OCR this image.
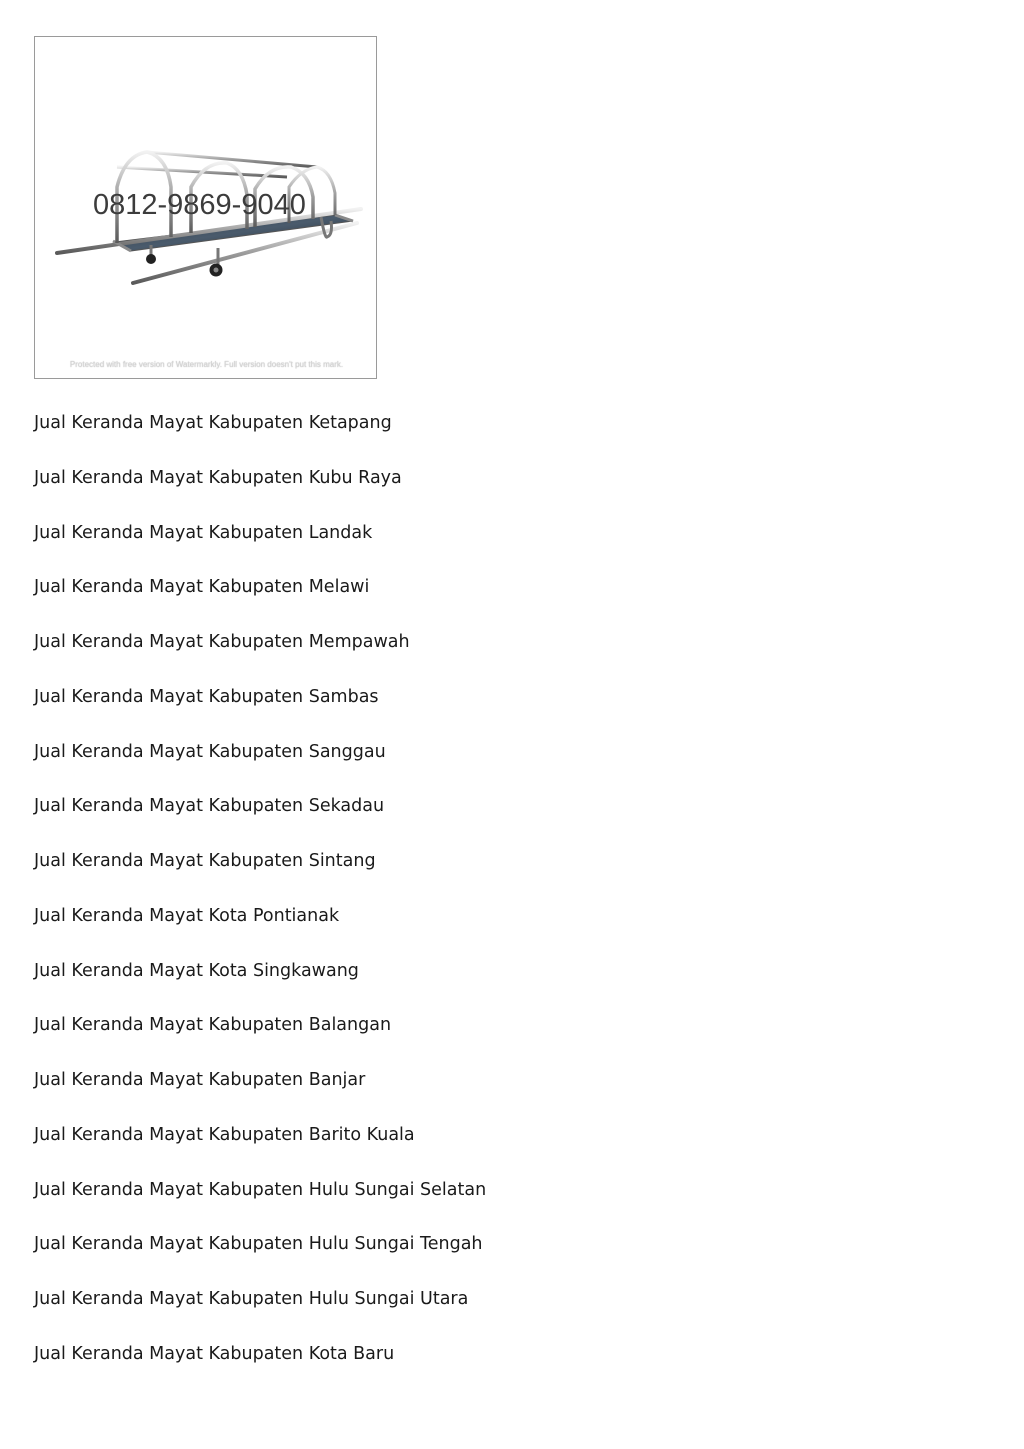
0812-9869-9040
Protected with free version of Watermarkly. Full version doesn't put this mark.
Jual Keranda Mayat Kabupaten Ketapang
Jual Keranda Mayat Kabupaten Kubu Raya
Jual Keranda Mayat Kabupaten Landak
Jual Keranda Mayat Kabupaten Melawi
Jual Keranda Mayat Kabupaten Mempawah
Jual Keranda Mayat Kabupaten Sambas
Jual Keranda Mayat Kabupaten Sanggau
Jual Keranda Mayat Kabupaten Sekadau
Jual Keranda Mayat Kabupaten Sintang
Jual Keranda Mayat Kota Pontianak
Jual Keranda Mayat Kota Singkawang
Jual Keranda Mayat Kabupaten Balangan
Jual Keranda Mayat Kabupaten Banjar
Jual Keranda Mayat Kabupaten Barito Kuala
Jual Keranda Mayat Kabupaten Hulu Sungai Selatan
Jual Keranda Mayat Kabupaten Hulu Sungai Tengah
Jual Keranda Mayat Kabupaten Hulu Sungai Utara
Jual Keranda Mayat Kabupaten Kota Baru
